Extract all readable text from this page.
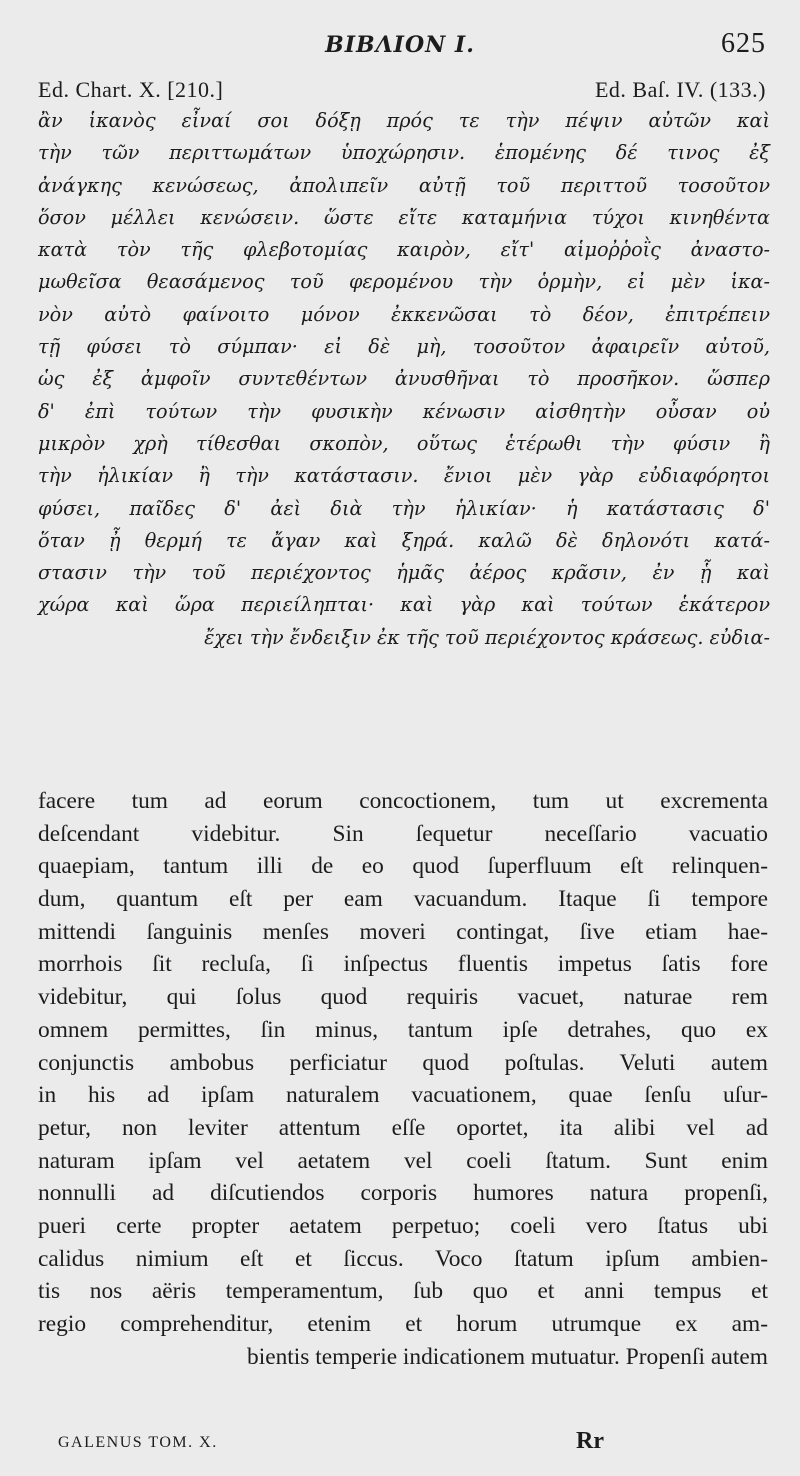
BIBΛΙΟΝ Ι.	625
Ed. Chart. X. [210.]	Ed. Baſ. IV. (133.)
ἂν ἱκανὸς εἶναί σοι δόξῃ πρός τε τὴν πέψιν αὐτῶν καὶ
τὴν τῶν περιττωμάτων ὑποχώρησιν. ἑπομένης δέ τινος ἐξ
ἀνάγκης κενώσεως, ἀπολιπεῖν αὐτῇ τοῦ περιττοῦ τοσοῦτον
ὅσον μέλλει κενώσειν. ὥστε εἴτε καταμήνια τύχοι κινηθέντα
κατὰ τὸν τῆς φλεβοτομίας καιρὸν, εἴτ' αἱμοῤῥοῒς ἀναστο-
μωθεῖσα θεασάμενος τοῦ φερομένου τὴν ὁρμὴν, εἰ μὲν ἱκα-
νὸν αὐτὸ φαίνοιτο μόνον ἐκκενῶσαι τὸ δέον, ἐπιτρέπειν
τῇ φύσει τὸ σύμπαν· εἰ δὲ μὴ, τοσοῦτον ἀφαιρεῖν αὐτοῦ,
ὡς ἐξ ἀμφοῖν συντεθέντων ἀνυσθῆναι τὸ προσῆκον. ὥσπερ
δ' ἐπὶ τούτων τὴν φυσικὴν κένωσιν αἰσθητὴν οὖσαν οὐ
μικρὸν χρὴ τίθεσθαι σκοπὸν, οὕτως ἑτέρωθι τὴν φύσιν ἢ
τὴν ἡλικίαν ἢ τὴν κατάστασιν. ἔνιοι μὲν γὰρ εὐδιαφόρητοι
φύσει, παῖδες δ' ἀεὶ διὰ τὴν ἡλικίαν· ἡ κατάστασις δ'
ὅταν ᾖ θερμή τε ἄγαν καὶ ξηρά. καλῶ δὲ δηλονότι κατά-
στασιν τὴν τοῦ περιέχοντος ἡμᾶς ἀέρος κρᾶσιν, ἐν ᾗ καὶ
χώρα καὶ ὥρα περιείληπται· καὶ γὰρ καὶ τούτων ἑκάτερον
ἔχει τὴν ἔνδειξιν ἐκ τῆς τοῦ περιέχοντος κράσεως. εὐδια-
facere tum ad eorum concoctionem, tum ut excrementa
deſcendant videbitur. Sin ſequetur neceſſario vacuatio
quaepiam, tantum illi de eo quod ſuperfluum eſt relinquen-
dum, quantum eſt per eam vacuandum. Itaque ſi tempore
mittendi ſanguinis menſes moveri contingat, ſive etiam hae-
morrhois ſit recluſa, ſi inſpectus fluentis impetus ſatis fore
videbitur, qui ſolus quod requiris vacuet, naturae rem
omnem permittes, ſin minus, tantum ipſe detrahes, quo ex
conjunctis ambobus perficiatur quod poſtulas. Veluti autem
in his ad ipſam naturalem vacuationem, quae ſenſu uſur-
petur, non leviter attentum eſſe oportet, ita alibi vel ad
naturam ipſam vel aetatem vel coeli ſtatum. Sunt enim
nonnulli ad diſcutiendos corporis humores natura propenſi,
pueri certe propter aetatem perpetuo; coeli vero ſtatus ubi
calidus nimium eſt et ſiccus. Voco ſtatum ipſum ambien-
tis nos aëris temperamentum, ſub quo et anni tempus et
regio comprehenditur, etenim et horum utrumque ex am-
bientis temperie indicationem mutuatur. Propenſi autem
GALENUS TOM. X.	Rr
